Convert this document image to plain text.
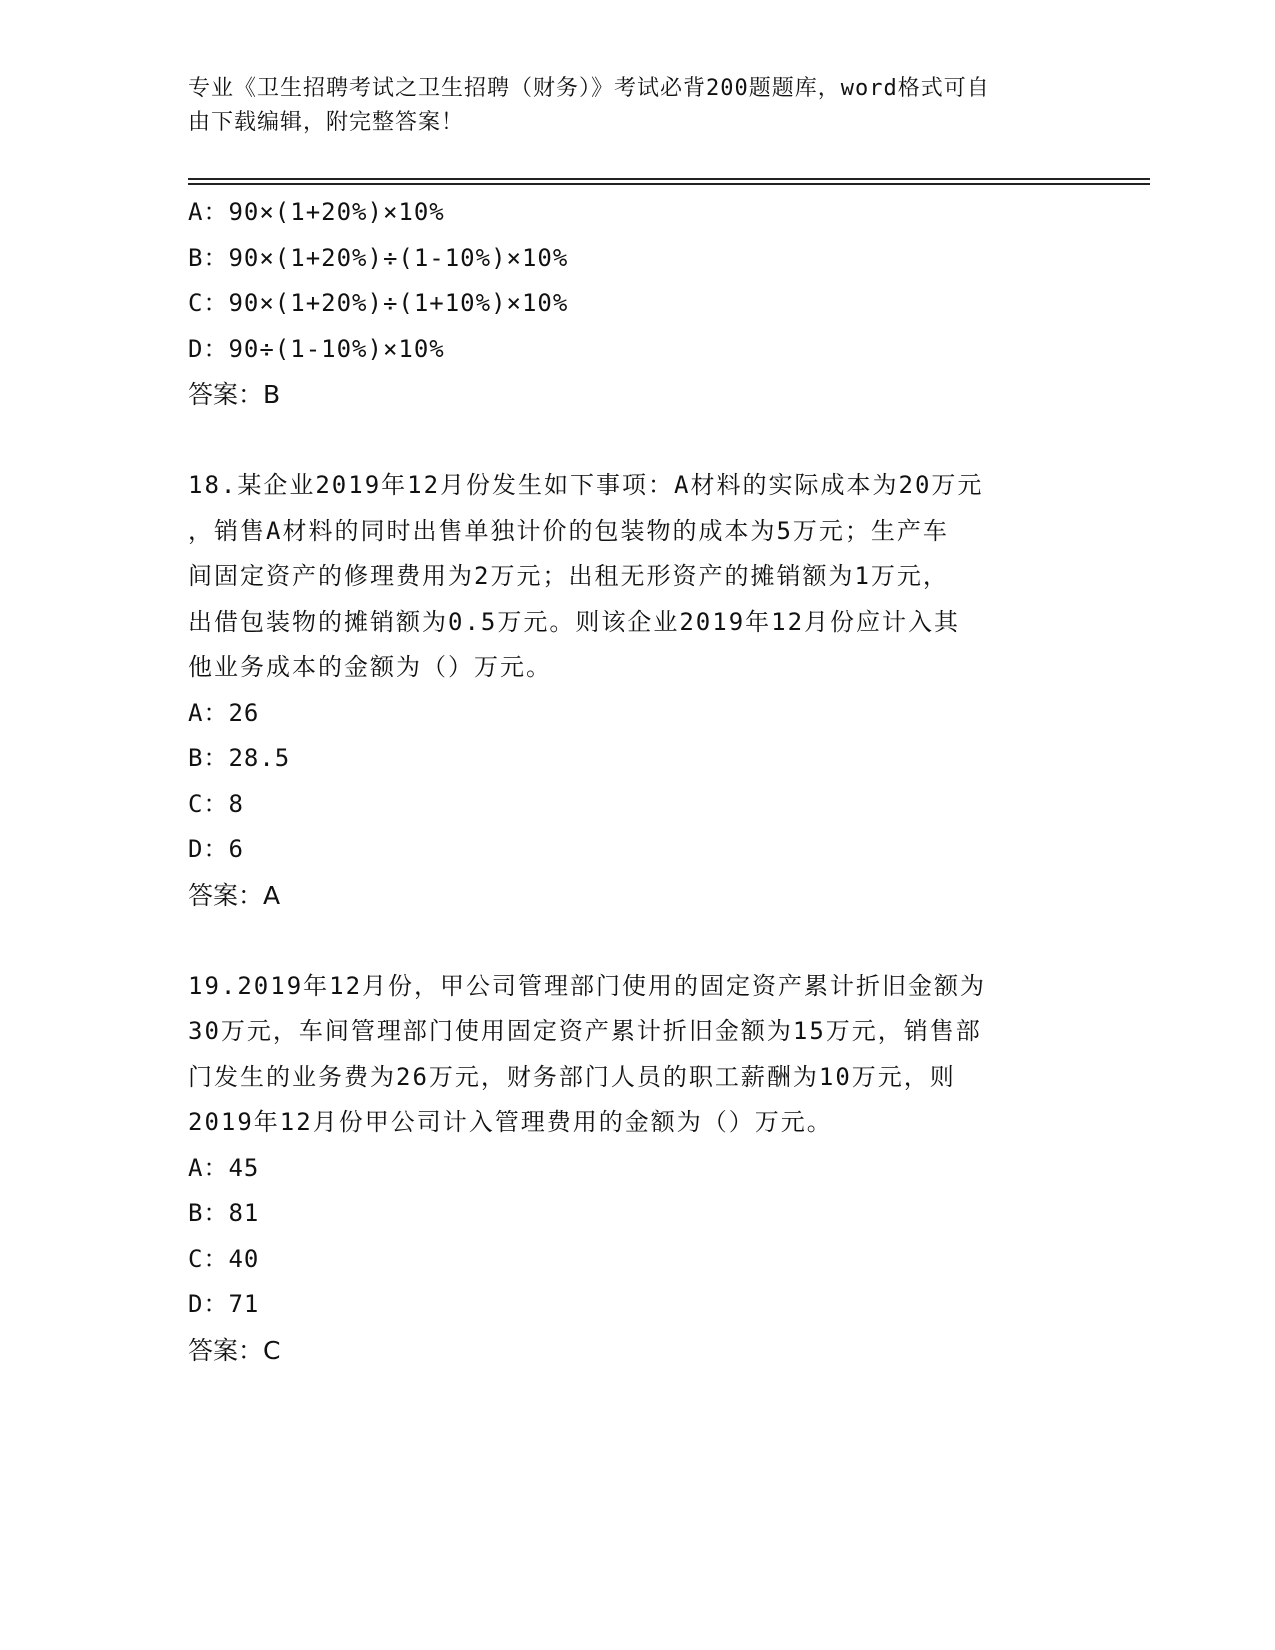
专业《卫生招聘考试之卫生招聘（财务）》考试必背200题题库，word格式可自
由下载编辑，附完整答案！
A：90×(1+20%)×10%
B：90×(1+20%)÷(1-10%)×10%
C：90×(1+20%)÷(1+10%)×10%
D：90÷(1-10%)×10%
答案：B
18.某企业2019年12月份发生如下事项：A材料的实际成本为20万元
，销售A材料的同时出售单独计价的包装物的成本为5万元；生产车
间固定资产的修理费用为2万元；出租无形资产的摊销额为1万元，
出借包装物的摊销额为0.5万元。则该企业2019年12月份应计入其
他业务成本的金额为（）万元。
A：26
B：28.5
C：8
D：6
答案：A
19.2019年12月份，甲公司管理部门使用的固定资产累计折旧金额为
30万元，车间管理部门使用固定资产累计折旧金额为15万元，销售部
门发生的业务费为26万元，财务部门人员的职工薪酬为10万元，则
2019年12月份甲公司计入管理费用的金额为（）万元。
A：45
B：81
C：40
D：71
答案：C
